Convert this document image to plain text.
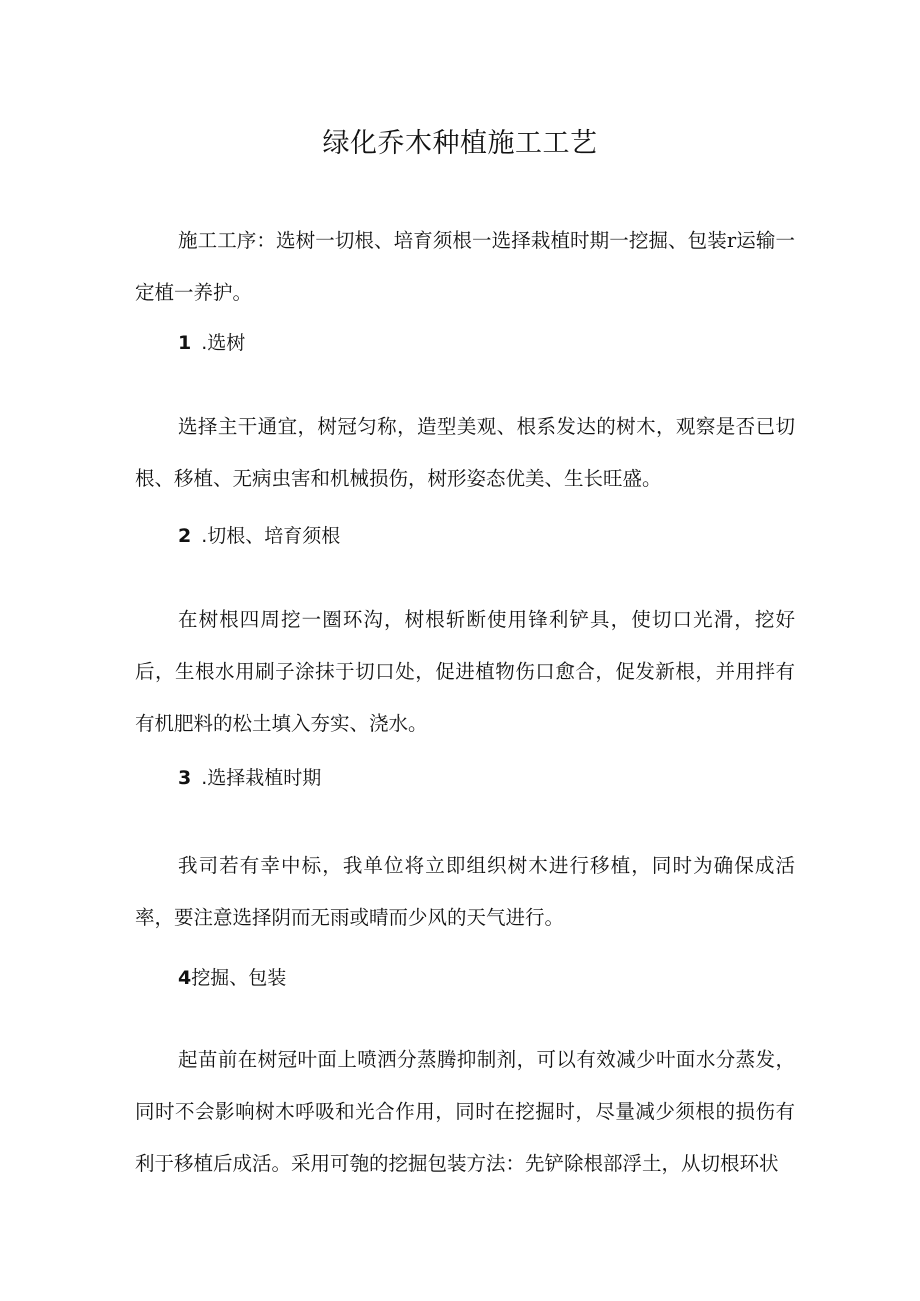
绿化乔木种植施工工艺

施工工序：选树一切根、培育须根一选择栽植时期一挖掘、包装r运输一定植一养护。

1 .选树

选择主干通宜，树冠匀称，造型美观、根系发达的树木，观察是否已切根、移植、无病虫害和机械损伤，树形姿态优美、生长旺盛。

2 .切根、培育须根

在树根四周挖一圈环沟，树根斩断使用锋利铲具，使切口光滑，挖好后，生根水用刷子涂抹于切口处，促进植物伤口愈合，促发新根，并用拌有有机肥料的松土填入夯实、浇水。

3 .选择栽植时期

我司若有幸中标，我单位将立即组织树木进行移植，同时为确保成活率，要注意选择阴而无雨或晴而少风的天气进行。

4挖掘、包装

起苗前在树冠叶面上喷洒分蒸腾抑制剂，可以有效减少叶面水分蒸发，同时不会影响树木呼吸和光合作用，同时在挖掘时，尽量减少须根的损伤有利于移植后成活。采用可匏的挖掘包装方法：先铲除根部浮土，从切根环状
